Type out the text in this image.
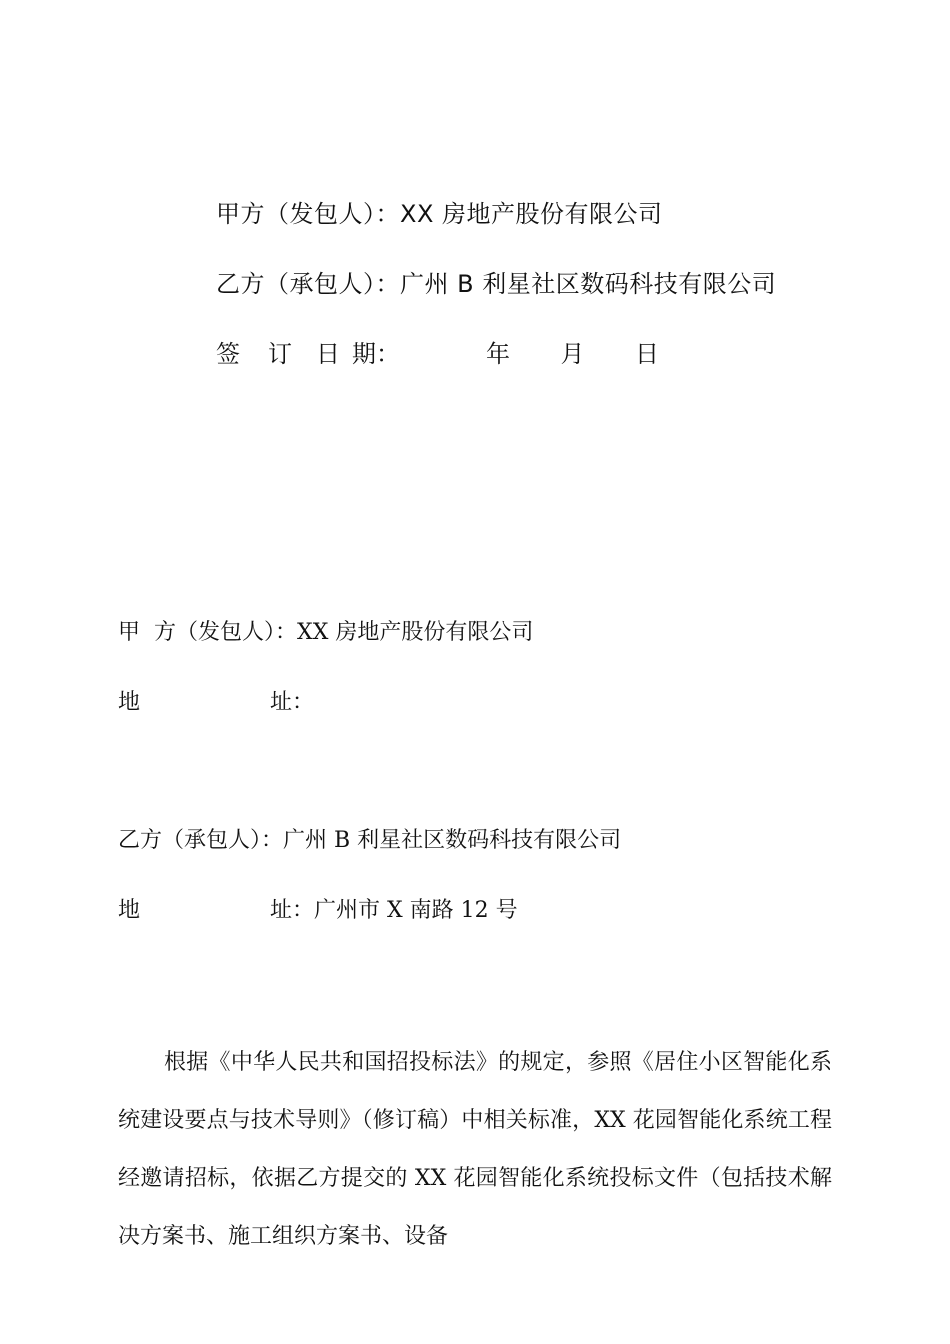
甲方（发包人）：XX 房地产股份有限公司
乙方（承包人）：广州 B 利星社区数码科技有限公司
签 订 日 期：	年 月 日
甲 方（发包人）：XX 房地产股份有限公司
地	址：
乙方（承包人）：广州 B 利星社区数码科技有限公司
地	址：广州市 X 南路 12 号

根据《中华人民共和国招投标法》的规定，参照《居住小区智能化系统建设要点与技术导则》（修订稿）中相关标准，XX 花园智能化系统工程经邀请招标，依据乙方提交的 XX 花园智能化系统投标文件（包括技术解决方案书、施工组织方案书、设备
